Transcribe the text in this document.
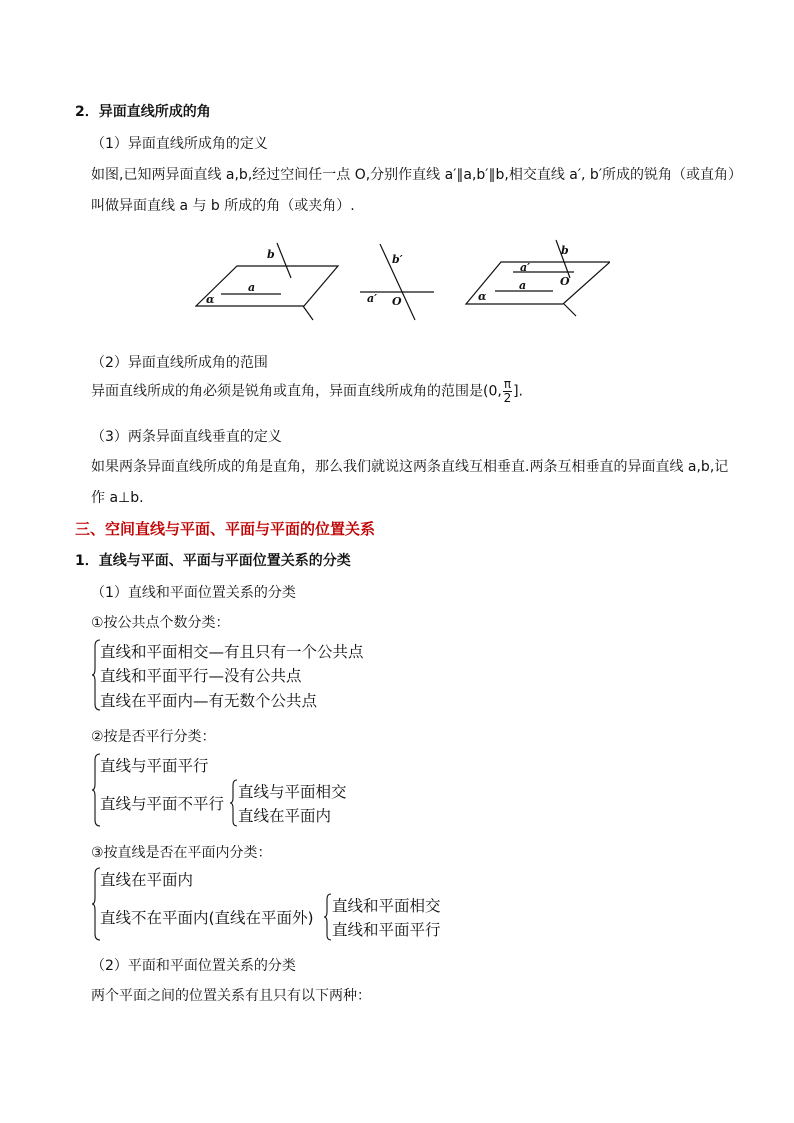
2．异面直线所成的角
（1）异面直线所成角的定义
如图,已知两异面直线 a,b,经过空间任一点 O,分别作直线 a′∥a,b′∥b,相交直线 a′, b′所成的锐角（或直角）
叫做异面直线 a 与 b 所成的角（或夹角）.
b
a
α
b′
a′ O
b
a′
a	O
α
（2）异面直线所成角的范围
异面直线所成的角必须是锐角或直角，异面直线所成角的范围是(0, $\frac{\pi}{2}$ ].
（3）两条异面直线垂直的定义
如果两条异面直线所成的角是直角，那么我们就说这两条直线互相垂直.两条互相垂直的异面直线 a,b,记
作 a⊥b.
三、空间直线与平面、平面与平面的位置关系
1．直线与平面、平面与平面位置关系的分类
（1）直线和平面位置关系的分类
①按公共点个数分类：
直线和平面相交—有且只有一个公共点
直线和平面平行—没有公共点
直线在平面内—有无数个公共点
②按是否平行分类：
直线与平面平行
直线与平面不平行
直线与平面相交
直线在平面内
③按直线是否在平面内分类：
直线在平面内
直线不在平面内(直线在平面外)
直线和平面相交
直线和平面平行
（2）平面和平面位置关系的分类
两个平面之间的位置关系有且只有以下两种：
